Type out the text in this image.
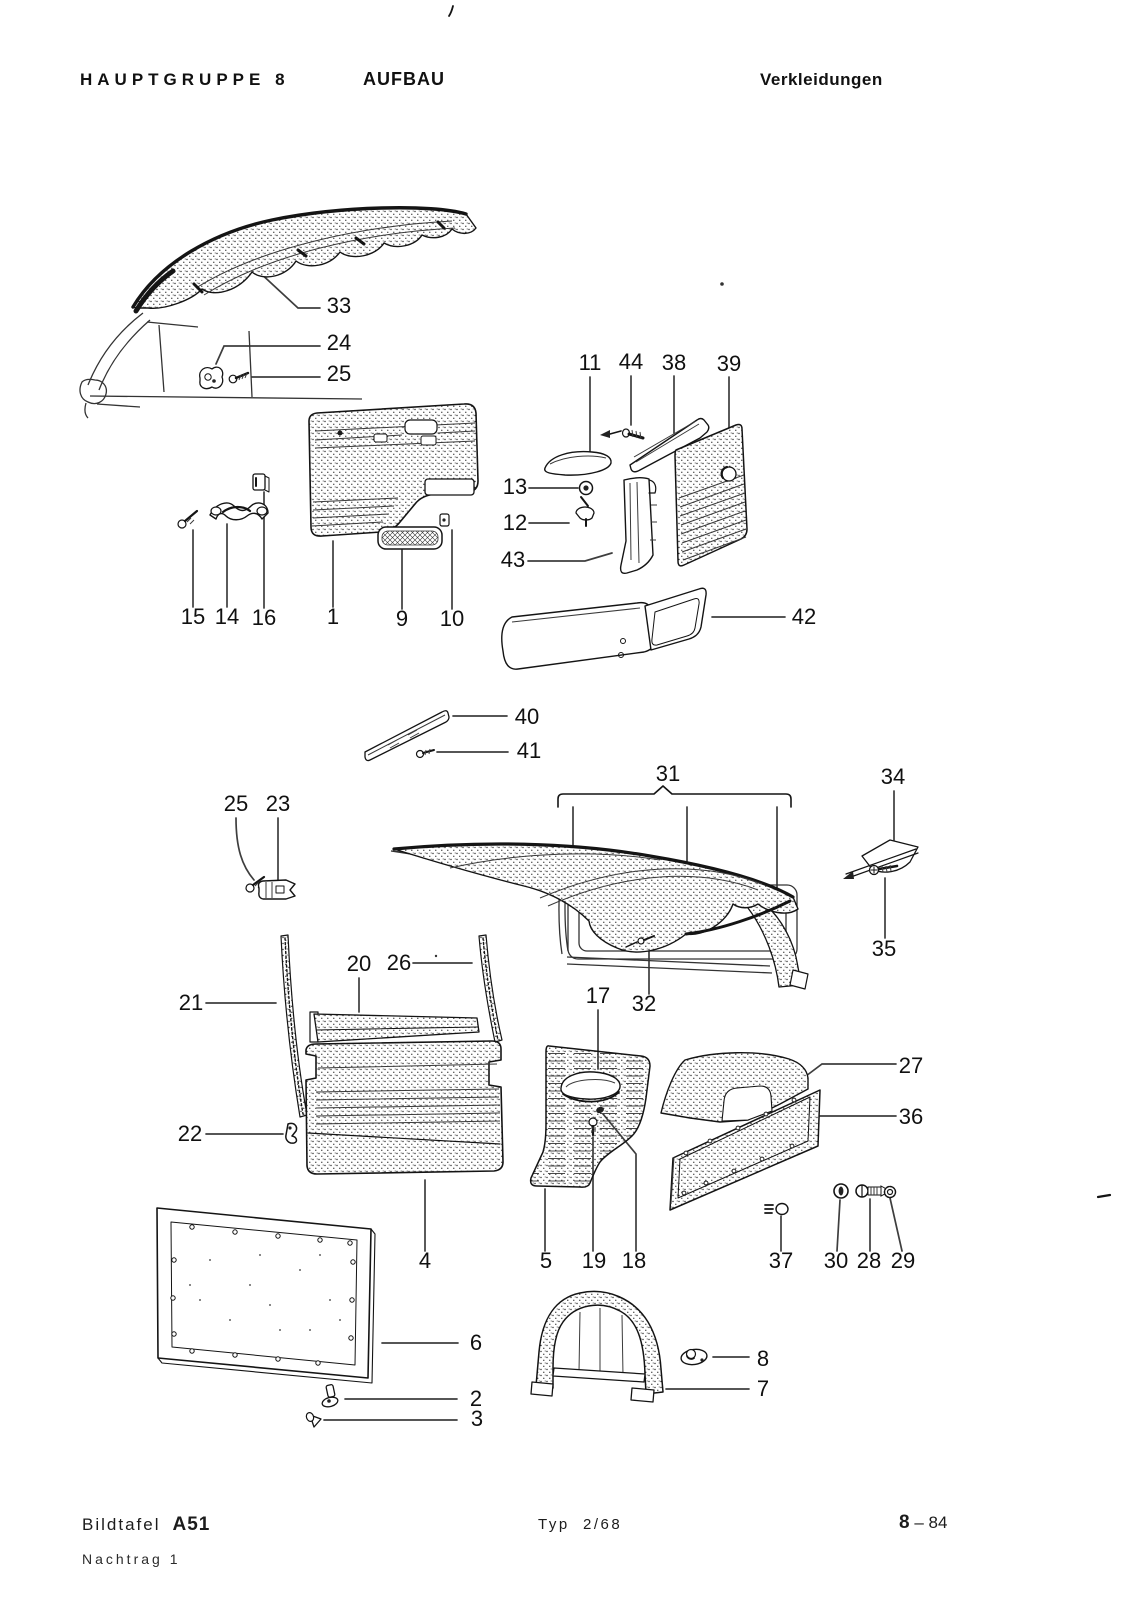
HAUPTGRUPPE 8	AUFBAU	Verkleidungen
33
24
25	11 44 38 39
13
12
43
15 14 16 1	9 10	42
40
41
31	34
25 23
35
20 26
21	17 32
27
36
22
4	5 19 18	37 30 28 29
6
2
3
8
7
Bildtafel A51
Nachtrag 1
Typ 2/68	8 – 84
